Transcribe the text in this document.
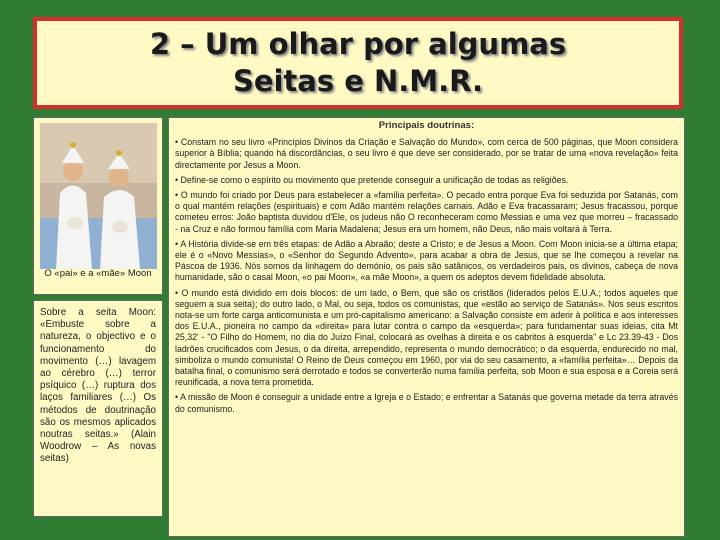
2 – Um olhar por algumas
Seitas e N.M.R.
O «pai» e a «mãe» Moon
Sobre a seita Moon: «Embuste sobre a natureza, o objectivo e o funcionamento do movimento (…) lavagem ao cérebro (…) terror psíquico (…) ruptura dos laços familiares (…) Os métodos de doutrinação são os mesmos aplicados noutras seitas.» (Alain Woodrow – As novas seitas)
Principais doutrinas:

• Constam no seu livro «Princípios Divinos da Criação e Salvação do Mundo», com cerca de 500 páginas, que Moon considera superior à Bíblia; quando há discordâncias, o seu livro é que deve ser considerado, por se tratar de uma «nova revelação» feita directamente por Jesus a Moon.

• Define-se como o espírito ou movimento que pretende conseguir a unificação de todas as religiões.

• O mundo foi criado por Deus para estabelecer a «família perfeita». O pecado entra porque Eva foi seduzida por Satanás, com o qual mantém relações (espirituais) e com Adão mantém relações carnais. Adão e Eva fracassaram; Jesus fracassou, porque cometeu erros: João baptista duvidou d'Ele, os judeus não O reconheceram como Messias e uma vez que morreu – fracassado - na Cruz e não formou família com Maria Madalena; Jesus era um homem, não Deus, não mais voltará à Terra.

• A História divide-se em três etapas: de Adão a Abraão; deste a Cristo; e de Jesus a Moon. Com Moon inicia-se a última etapa; ele é o «Novo Messias», o «Senhor do Segundo Advento», para acabar a obra de Jesus, que se lhe começou a revelar na Páscoa de 1936. Nós somos da linhagem do demónio, os pais são satânicos, os verdadeiros pais, os divinos, cabeça de nova humanidade, são o casal Moon, «o pai Moon», «a mãe Moon», a quem os adeptos devem fidelidade absoluta.

• O mundo está dividido em dois blocos: de um lado, o Bem, que são os cristãos (liderados pelos E.U.A.; todos aqueles que seguem a sua seita); do outro lado, o Mal, ou seja, todos os comunistas, que «estão ao serviço de Satanás». Nos seus escritos nota-se um forte carga anticomunista e um pró-capitalismo americano: a Salvação consiste em aderir à política e aos interesses dos E.U.A., pioneira no campo da «direita» para lutar contra o campo da «esquerda»; para fundamentar suas ideias, cita Mt 25,32' - "O Filho do Homem, no dia do Juízo Final, colocará as ovelhas à direita e os cabritos à esquerda" e Lc 23.39-43 - Dos ladrões crucificados com Jesus, o da direita, arrependido, representa o mundo democrático; o da esquerda, endurecido no mal, simboliza o mundo comunista! O Reino de Deus começou em 1960, por via do seu casamento, a «família perfeita»… Depois da batalha final, o comunismo será derrotado e todos se converterão numa família perfeita, sob Moon e sua esposa e a Coreia será reunificada, a nova terra prometida.

• A missão de Moon é conseguir a unidade entre a Igreja e o Estado; e enfrentar a Satanás que governa metade da terra através do comunismo.
